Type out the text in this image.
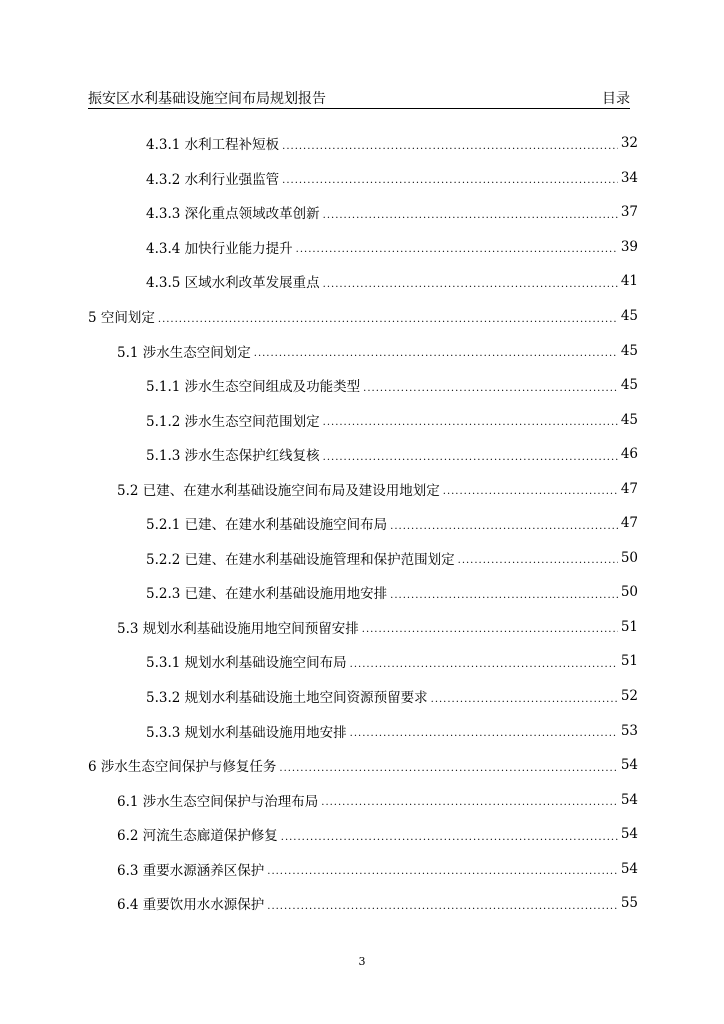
振安区水利基础设施空间布局规划报告	目录
4.3.1 水利工程补短板 .....	32
4.3.2 水利行业强监管 .....	34
4.3.3 深化重点领域改革创新 .....	37
4.3.4 加快行业能力提升 .....	39
4.3.5 区域水利改革发展重点 .....	41
5 空间划定 .....	45
5.1 涉水生态空间划定 .....	45
5.1.1 涉水生态空间组成及功能类型 .....	45
5.1.2 涉水生态空间范围划定 .....	45
5.1.3 涉水生态保护红线复核 .....	46
5.2 已建、在建水利基础设施空间布局及建设用地划定 .....	47
5.2.1 已建、在建水利基础设施空间布局 .....	47
5.2.2 已建、在建水利基础设施管理和保护范围划定 .....	50
5.2.3 已建、在建水利基础设施用地安排 .....	50
5.3 规划水利基础设施用地空间预留安排 .....	51
5.3.1 规划水利基础设施空间布局 .....	51
5.3.2 规划水利基础设施土地空间资源预留要求 .....	52
5.3.3 规划水利基础设施用地安排 .....	53
6 涉水生态空间保护与修复任务 .....	54
6.1 涉水生态空间保护与治理布局 .....	54
6.2 河流生态廊道保护修复 .....	54
6.3 重要水源涵养区保护 .....	54
6.4 重要饮用水水源保护 .....	55
3
